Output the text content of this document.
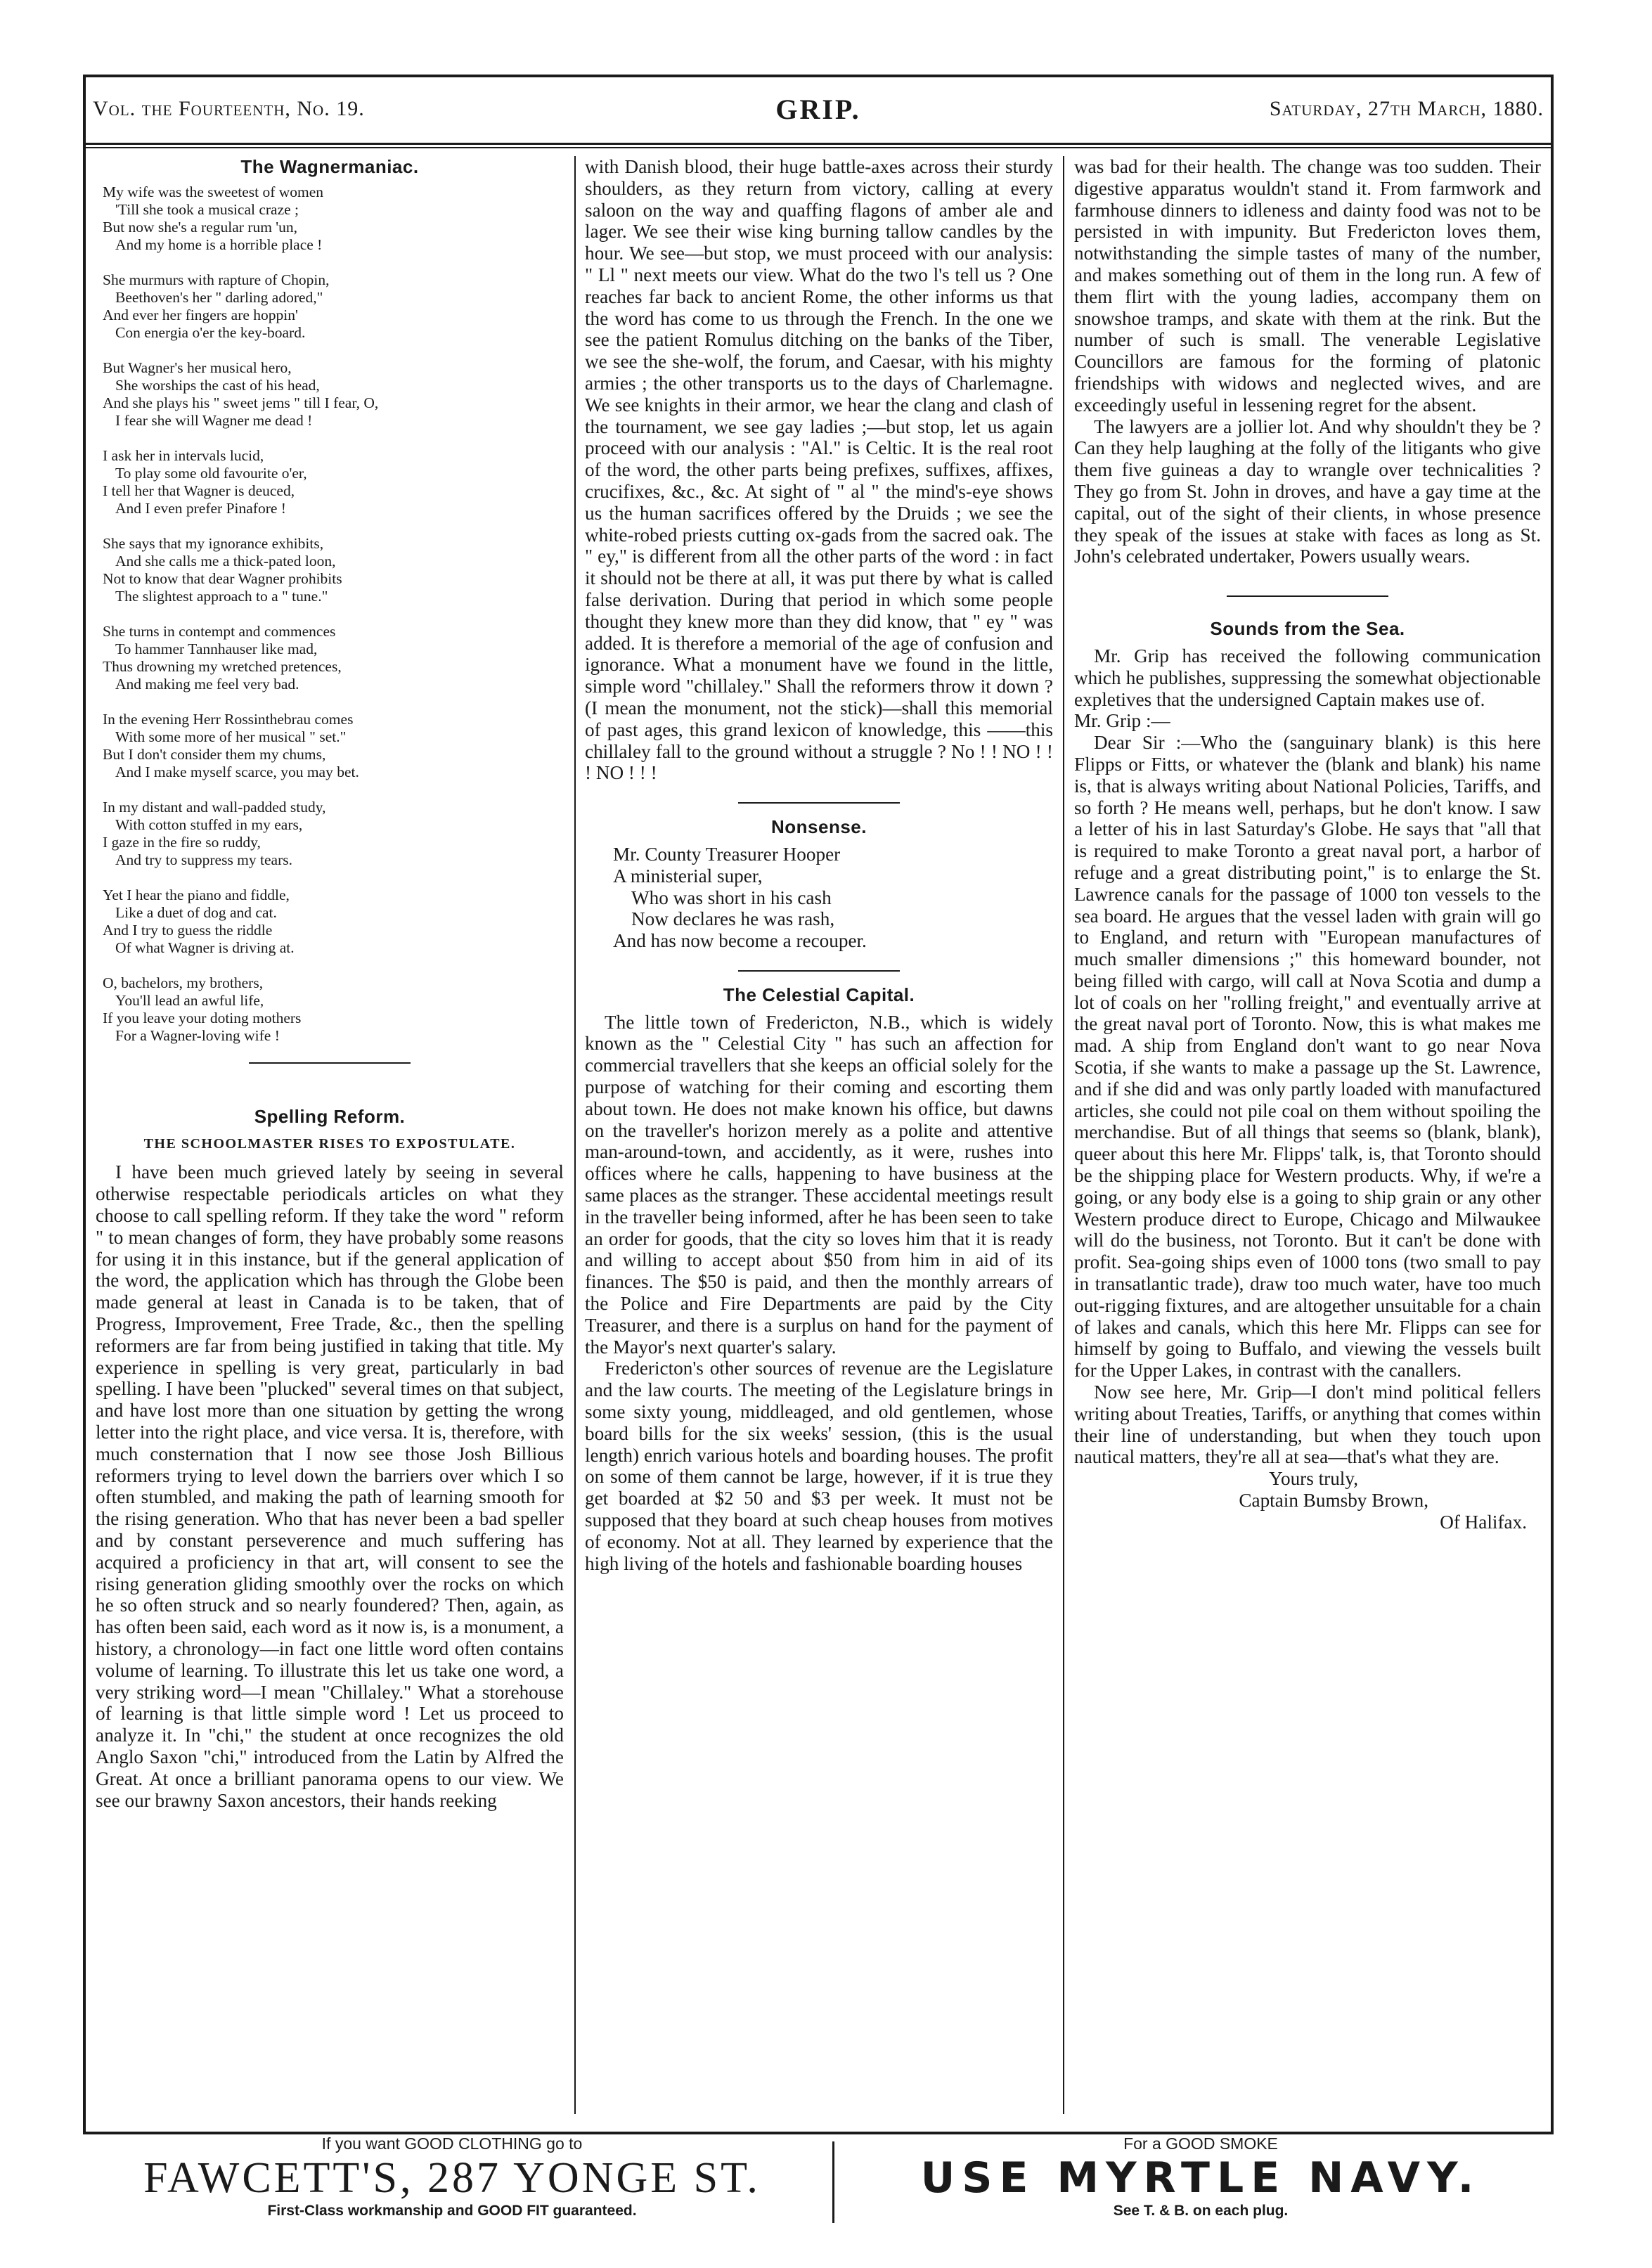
Vol. the Fourteenth, No. 19.	GRIP.	Saturday, 27th March, 1880.
The Wagnermaniac.
My wife was the sweetest of women
'Till she took a musical craze ;
But now she's a regular rum 'un,
And my home is a horrible place !
She murmurs with rapture of Chopin,
Beethoven's her " darling adored,"
And ever her fingers are hoppin'
Con energia o'er the key-board.
But Wagner's her musical hero,
She worships the cast of his head,
And she plays his " sweet jems " till I fear, O,
I fear she will Wagner me dead !
I ask her in intervals lucid,
To play some old favourite o'er,
I tell her that Wagner is deuced,
And I even prefer Pinafore !
She says that my ignorance exhibits,
And she calls me a thick-pated loon,
Not to know that dear Wagner prohibits
The slightest approach to a " tune."
She turns in contempt and commences
To hammer Tannhauser like mad,
Thus drowning my wretched pretences,
And making me feel very bad.
In the evening Herr Rossinthebrau comes
With some more of her musical " set."
But I don't consider them my chums,
And I make myself scarce, you may bet.
In my distant and wall-padded study,
With cotton stuffed in my ears,
I gaze in the fire so ruddy,
And try to suppress my tears.
Yet I hear the piano and fiddle,
Like a duet of dog and cat.
And I try to guess the riddle
Of what Wagner is driving at.
O, bachelors, my brothers,
You'll lead an awful life,
If you leave your doting mothers
For a Wagner-loving wife !
Spelling Reform.
THE SCHOOLMASTER RISES TO EXPOSTULATE.

I have been much grieved lately by seeing in several otherwise respectable periodicals articles on what they choose to call spelling reform. If they take the word " reform " to mean changes of form, they have probably some reasons for using it in this instance, but if the general application of the word, the application which has through the Globe been made general at least in Canada is to be taken, that of Progress, Improvement, Free Trade, &c., then the spelling reformers are far from being justified in taking that title. My experience in spelling is very great, particularly in bad spelling. I have been "plucked" several times on that subject, and have lost more than one situation by getting the wrong letter into the right place, and vice versa. It is, therefore, with much consternation that I now see those Josh Billious reformers trying to level down the barriers over which I so often stumbled, and making the path of learning smooth for the rising generation. Who that has never been a bad speller and by constant perseverence and much suffering has acquired a proficiency in that art, will consent to see the rising generation gliding smoothly over the rocks on which he so often struck and so nearly foundered? Then, again, as has often been said, each word as it now is, is a monument, a history, a chronology—in fact one little word often contains volume of learning. To illustrate this let us take one word, a very striking word—I mean "Chillaley." What a storehouse of learning is that little simple word ! Let us proceed to analyze it. In "chi," the student at once recognizes the old Anglo Saxon "chi," introduced from the Latin by Alfred the Great. At once a brilliant panorama opens to our view. We see our brawny Saxon ancestors, their hands reeking

with Danish blood, their huge battle-axes across their sturdy shoulders, as they return from victory, calling at every saloon on the way and quaffing flagons of amber ale and lager. We see their wise king burning tallow candles by the hour. We see—but stop, we must proceed with our analysis: " Ll " next meets our view. What do the two l's tell us ? One reaches far back to ancient Rome, the other informs us that the word has come to us through the French. In the one we see the patient Romulus ditching on the banks of the Tiber, we see the she-wolf, the forum, and Caesar, with his mighty armies ; the other transports us to the days of Charlemagne. We see knights in their armor, we hear the clang and clash of the tournament, we see gay ladies ;—but stop, let us again proceed with our analysis : "Al." is Celtic. It is the real root of the word, the other parts being prefixes, suffixes, affixes, crucifixes, &c., &c. At sight of " al " the mind's-eye shows us the human sacrifices offered by the Druids ; we see the white-robed priests cutting ox-gads from the sacred oak. The " ey," is different from all the other parts of the word : in fact it should not be there at all, it was put there by what is called false derivation. During that period in which some people thought they knew more than they did know, that " ey " was added. It is therefore a memorial of the age of confusion and ignorance. What a monument have we found in the little, simple word "chillaley." Shall the reformers throw it down ? (I mean the monument, not the stick)—shall this memorial of past ages, this grand lexicon of knowledge, this ——this chillaley fall to the ground without a struggle ? No ! ! NO ! ! ! NO ! ! !

Nonsense.
Mr. County Treasurer Hooper
A ministerial super,
Who was short in his cash
Now declares he was rash,
And has now become a recouper.
The Celestial Capital.

The little town of Fredericton, N.B., which is widely known as the " Celestial City " has such an affection for commercial travellers that she keeps an official solely for the purpose of watching for their coming and escorting them about town. He does not make known his office, but dawns on the traveller's horizon merely as a polite and attentive man-around-town, and accidently, as it were, rushes into offices where he calls, happening to have business at the same places as the stranger. These accidental meetings result in the traveller being informed, after he has been seen to take an order for goods, that the city so loves him that it is ready and willing to accept about $50 from him in aid of its finances. The $50 is paid, and then the monthly arrears of the Police and Fire Departments are paid by the City Treasurer, and there is a surplus on hand for the payment of the Mayor's next quarter's salary.

Fredericton's other sources of revenue are the Legislature and the law courts. The meeting of the Legislature brings in some sixty young, middleaged, and old gentlemen, whose board bills for the six weeks' session, (this is the usual length) enrich various hotels and boarding houses. The profit on some of them cannot be large, however, if it is true they get boarded at $2 50 and $3 per week. It must not be supposed that they board at such cheap houses from motives of economy. Not at all. They learned by experience that the high living of the hotels and fashionable boarding houses

was bad for their health. The change was too sudden. Their digestive apparatus wouldn't stand it. From farmwork and farmhouse dinners to idleness and dainty food was not to be persisted in with impunity. But Fredericton loves them, notwithstanding the simple tastes of many of the number, and makes something out of them in the long run. A few of them flirt with the young ladies, accompany them on snowshoe tramps, and skate with them at the rink. But the number of such is small. The venerable Legislative Councillors are famous for the forming of platonic friendships with widows and neglected wives, and are exceedingly useful in lessening regret for the absent.

The lawyers are a jollier lot. And why shouldn't they be ? Can they help laughing at the folly of the litigants who give them five guineas a day to wrangle over technicalities ? They go from St. John in droves, and have a gay time at the capital, out of the sight of their clients, in whose presence they speak of the issues at stake with faces as long as St. John's celebrated undertaker, Powers usually wears.

Sounds from the Sea.

Mr. Grip has received the following communication which he publishes, suppressing the somewhat objectionable expletives that the undersigned Captain makes use of.

Mr. Grip :—

Dear Sir :—Who the (sanguinary blank) is this here Flipps or Fitts, or whatever the (blank and blank) his name is, that is always writing about National Policies, Tariffs, and so forth ? He means well, perhaps, but he don't know. I saw a letter of his in last Saturday's Globe. He says that "all that is required to make Toronto a great naval port, a harbor of refuge and a great distributing point," is to enlarge the St. Lawrence canals for the passage of 1000 ton vessels to the sea board. He argues that the vessel laden with grain will go to England, and return with "European manufactures of much smaller dimensions ;" this homeward bounder, not being filled with cargo, will call at Nova Scotia and dump a lot of coals on her "rolling freight," and eventually arrive at the great naval port of Toronto. Now, this is what makes me mad. A ship from England don't want to go near Nova Scotia, if she wants to make a passage up the St. Lawrence, and if she did and was only partly loaded with manufactured articles, she could not pile coal on them without spoiling the merchandise. But of all things that seems so (blank, blank), queer about this here Mr. Flipps' talk, is, that Toronto should be the shipping place for Western products. Why, if we're a going, or any body else is a going to ship grain or any other Western produce direct to Europe, Chicago and Milwaukee will do the business, not Toronto. But it can't be done with profit. Sea-going ships even of 1000 tons (two small to pay in transatlantic trade), draw too much water, have too much out-rigging fixtures, and are altogether unsuitable for a chain of lakes and canals, which this here Mr. Flipps can see for himself by going to Buffalo, and viewing the vessels built for the Upper Lakes, in contrast with the canallers.

Now see here, Mr. Grip—I don't mind political fellers writing about Treaties, Tariffs, or anything that comes within their line of understanding, but when they touch upon nautical matters, they're all at sea—that's what they are.

Yours truly,
Captain Bumsby Brown,
Of Halifax.
If you want GOOD CLOTHING go to
FAWCETT'S, 287 YONGE ST.
First-Class workmanship and GOOD FIT guaranteed.
For a GOOD SMOKE
USE MYRTLE NAVY.
See T. & B. on each plug.
